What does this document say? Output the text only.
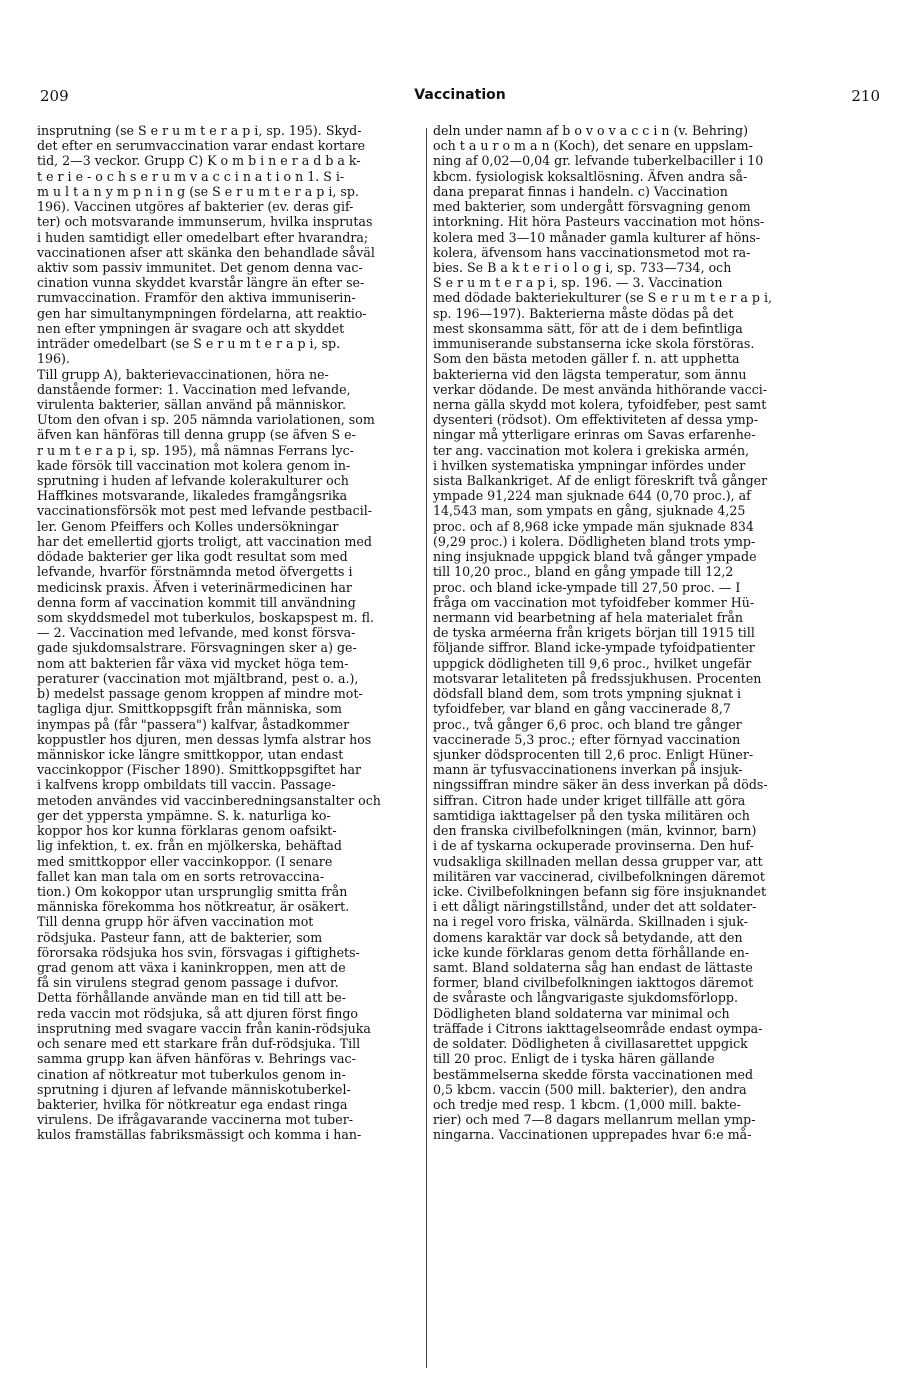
209	Vaccination	210
insprutning (se S e r u m t e r a p i, sp. 195). Skyd-
det efter en serumvaccination varar endast kortare
tid, 2—3 veckor. Grupp C) K o m b i n e r a d b a k-
t e r i e - o c h s e r u m v a c c i n a t i o n 1. S i-
m u l t a n y m p n i n g (se S e r u m t e r a p i, sp.
196). Vaccinen utgöres af bakterier (ev. deras gif-
ter) och motsvarande immunserum, hvilka insprutas
i huden samtidigt eller omedelbart efter hvarandra;
vaccinationen afser att skänka den behandlade såväl
aktiv som passiv immunitet. Det genom denna vac-
cination vunna skyddet kvarstår längre än efter se-
rumvaccination. Framför den aktiva immuniserin-
gen har simultanympningen fördelarna, att reaktio-
nen efter ympningen är svagare och att skyddet
inträder omedelbart (se S e r u m t e r a p i, sp.
196).
Till grupp A), bakterievaccinationen, höra ne-
danstående former: 1. Vaccination med lefvande,
virulenta bakterier, sällan använd på människor.
Utom den ofvan i sp. 205 nämnda variolationen, som
äfven kan hänföras till denna grupp (se äfven S e-
r u m t e r a p i, sp. 195), må nämnas Ferrans lyc-
kade försök till vaccination mot kolera genom in-
sprutning i huden af lefvande kolerakulturer och
Haffkines motsvarande, likaledes framgångsrika
vaccinationsförsök mot pest med lefvande pestbacil-
ler. Genom Pfeiffers och Kolles undersökningar
har det emellertid gjorts troligt, att vaccination med
dödade bakterier ger lika godt resultat som med
lefvande, hvarför förstnämnda metod öfvergetts i
medicinsk praxis. Äfven i veterinärmedicinen har
denna form af vaccination kommit till användning
som skyddsmedel mot tuberkulos, boskapspest m. fl.
— 2. Vaccination med lefvande, med konst försva-
gade sjukdomsalstrare. Försvagningen sker a) ge-
nom att bakterien får växa vid mycket höga tem-
peraturer (vaccination mot mjältbrand, pest o. a.),
b) medelst passage genom kroppen af mindre mot-
tagliga djur. Smittkoppsgift från människa, som
inympas på (får "passera") kalfvar, åstadkommer
koppustler hos djuren, men dessas lymfa alstrar hos
människor icke längre smittkoppor, utan endast
vaccinkoppor (Fischer 1890). Smittkoppsgiftet har
i kalfvens kropp ombildats till vaccin. Passage-
metoden användes vid vaccinberedningsanstalter och
ger det yppersta ympämne. S. k. naturliga ko-
koppor hos kor kunna förklaras genom oafsikt-
lig infektion, t. ex. från en mjölkerska, behäftad
med smittkoppor eller vaccinkoppor. (I senare
fallet kan man tala om en sorts retrovaccina-
tion.) Om kokoppor utan ursprunglig smitta från
människa förekomma hos nötkreatur, är osäkert.
Till denna grupp hör äfven vaccination mot
rödsjuka. Pasteur fann, att de bakterier, som
förorsaka rödsjuka hos svin, försvagas i giftighets-
grad genom att växa i kaninkroppen, men att de
få sin virulens stegrad genom passage i dufvor.
Detta förhållande använde man en tid till att be-
reda vaccin mot rödsjuka, så att djuren först fingo
insprutning med svagare vaccin från kanin-rödsjuka
och senare med ett starkare från duf-rödsjuka. Till
samma grupp kan äfven hänföras v. Behrings vac-
cination af nötkreatur mot tuberkulos genom in-
sprutning i djuren af lefvande människotuberkel-
bakterier, hvilka för nötkreatur ega endast ringa
virulens. De ifrågavarande vaccinerna mot tuber-
kulos framställas fabriksmässigt och komma i han-
deln under namn af b o v o v a c c i n (v. Behring)
och t a u r o m a n (Koch), det senare en uppslam-
ning af 0,02—0,04 gr. lefvande tuberkelbaciller i 10
kbcm. fysiologisk koksaltlösning. Äfven andra så-
dana preparat finnas i handeln. c) Vaccination
med bakterier, som undergått försvagning genom
intorkning. Hit höra Pasteurs vaccination mot höns-
kolera med 3—10 månader gamla kulturer af höns-
kolera, äfvensom hans vaccinationsmetod mot ra-
bies. Se B a k t e r i o l o g i, sp. 733—734, och
S e r u m t e r a p i, sp. 196. — 3. Vaccination
med dödade bakteriekulturer (se S e r u m t e r a p i,
sp. 196—197). Bakterierna måste dödas på det
mest skonsamma sätt, för att de i dem befintliga
immuniserande substanserna icke skola förstöras.
Som den bästa metoden gäller f. n. att upphetta
bakterierna vid den lägsta temperatur, som ännu
verkar dödande. De mest använda hithörande vacci-
nerna gälla skydd mot kolera, tyfoidfeber, pest samt
dysenteri (rödsot). Om effektiviteten af dessa ymp-
ningar må ytterligare erinras om Savas erfarenhe-
ter ang. vaccination mot kolera i grekiska armén,
i hvilken systematiska ympningar infördes under
sista Balkankriget. Af de enligt föreskrift två gånger
ympade 91,224 man sjuknade 644 (0,70 proc.), af
14,543 man, som ympats en gång, sjuknade 4,25
proc. och af 8,968 icke ympade män sjuknade 834
(9,29 proc.) i kolera. Dödligheten bland trots ymp-
ning insjuknade uppgick bland två gånger ympade
till 10,20 proc., bland en gång ympade till 12,2
proc. och bland icke-ympade till 27,50 proc. — I
fråga om vaccination mot tyfoidfeber kommer Hü-
nermann vid bearbetning af hela materialet från
de tyska arméerna från krigets början till 1915 till
följande siffror. Bland icke-ympade tyfoidpatienter
uppgick dödligheten till 9,6 proc., hvilket ungefär
motsvarar letaliteten på fredssjukhusen. Procenten
dödsfall bland dem, som trots ympning sjuknat i
tyfoidfeber, var bland en gång vaccinerade 8,7
proc., två gånger 6,6 proc. och bland tre gånger
vaccinerade 5,3 proc.; efter förnyad vaccination
sjunker dödsprocenten till 2,6 proc. Enligt Hüner-
mann är tyfusvaccinationens inverkan på insjuk-
ningssiffran mindre säker än dess inverkan på döds-
siffran. Citron hade under kriget tillfälle att göra
samtidiga iakttagelser på den tyska militären och
den franska civilbefolkningen (män, kvinnor, barn)
i de af tyskarna ockuperade provinserna. Den huf-
vudsakliga skillnaden mellan dessa grupper var, att
militären var vaccinerad, civilbefolkningen däremot
icke. Civilbefolkningen befann sig före insjuknandet
i ett dåligt näringstillstånd, under det att soldater-
na i regel voro friska, välnärda. Skillnaden i sjuk-
domens karaktär var dock så betydande, att den
icke kunde förklaras genom detta förhållande en-
samt. Bland soldaterna såg han endast de lättaste
former, bland civilbefolkningen iakttogos däremot
de svåraste och långvarigaste sjukdomsförlopp.
Dödligheten bland soldaterna var minimal och
träffade i Citrons iakttagelseområde endast oympa-
de soldater. Dödligheten å civillasarettet uppgick
till 20 proc. Enligt de i tyska hären gällande
bestämmelserna skedde första vaccinationen med
0,5 kbcm. vaccin (500 mill. bakterier), den andra
och tredje med resp. 1 kbcm. (1,000 mill. bakte-
rier) och med 7—8 dagars mellanrum mellan ymp-
ningarna. Vaccinationen upprepades hvar 6:e må-
